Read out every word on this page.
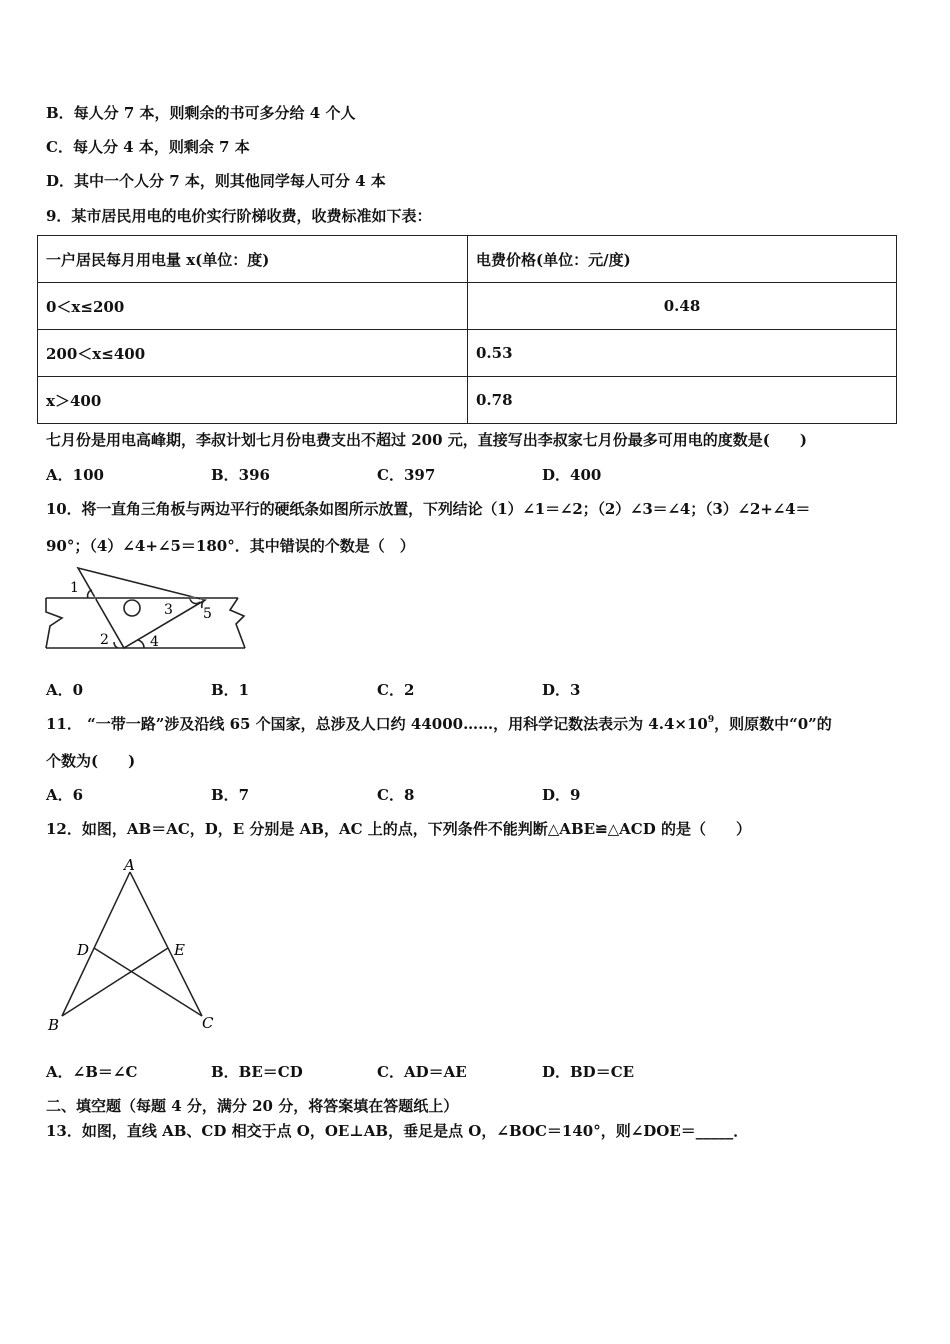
B．每人分 7 本，则剩余的书可多分给 4 个人
C．每人分 4 本，则剩余 7 本
D．其中一个人分 7 本，则其他同学每人可分 4 本
9．某市居民用电的电价实行阶梯收费，收费标准如下表：
一户居民每月用电量 x(单位：度)	电费价格(单位：元/度)
0＜x≤200	0.48
200＜x≤400	0.53
x＞400	0.78
七月份是用电高峰期，李叔计划七月份电费支出不超过 200 元，直接写出李叔家七月份最多可用电的度数是(　　)
A．100	B．396	C．397	D．400
10．将一直角三角板与两边平行的硬纸条如图所示放置，下列结论（1）∠1＝∠2；（2）∠3＝∠4；（3）∠2+∠4＝
90°；（4）∠4+∠5＝180°．其中错误的个数是（　）
1
2
3
4
5
A．0	B．1	C．2	D．3
11． “一带一路”涉及沿线 65 个国家，总涉及人口约 44000……，用科学记数法表示为 $4.4\times 10^9$，则原数中“0”的
个数为(　　)
A．6	B．7	C．8	D．9
12．如图，AB＝AC，D，E 分别是 AB，AC 上的点，下列条件不能判断△ABE≌△ACD 的是（　　）
A
B	C
D	E
A．∠B＝∠C	B．BE＝CD	C．AD＝AE	D．BD＝CE
二、填空题（每题 4 分，满分 20 分，将答案填在答题纸上）
13．如图，直线 AB、CD 相交于点 O，OE⊥AB，垂足是点 O，∠BOC＝140°，则∠DOE＝_____．
